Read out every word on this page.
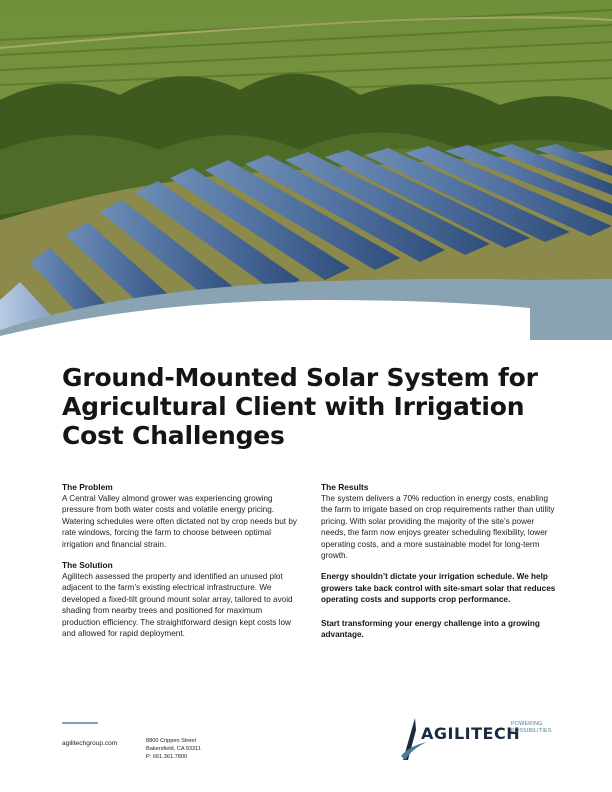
Ground-Mounted Solar System for Agricultural Client with Irrigation Cost Challenges

The Problem

A Central Valley almond grower was experiencing growing pressure from both water costs and volatile energy pricing. Watering schedules were often dictated not by crop needs but by rate windows, forcing the farm to choose between optimal irrigation and financial strain.

The Solution

Agilitech assessed the property and identified an unused plot adjacent to the farm’s existing electrical infrastructure. We developed a fixed-tilt ground mount solar array, tailored to avoid shading from nearby trees and positioned for maximum production efficiency. The straightforward design kept costs low and allowed for rapid deployment.

The Results

The system delivers a 70% reduction in energy costs, enabling the farm to irrigate based on crop requirements rather than utility pricing. With solar providing the majority of the site’s power needs, the farm now enjoys greater scheduling flexibility, lower operating costs, and a more sustainable model for long-term growth.

Energy shouldn’t dictate your irrigation schedule. We help growers take back control with site-smart solar that reduces operating costs and supports crop performance.

Start transforming your energy challenge into a growing advantage.

agilitechgroup.com	8800 Crippen Street
Bakersfield, CA 93311
P: 661.361.7800
AGILITECH
POWERING
POSSIBILITIES
